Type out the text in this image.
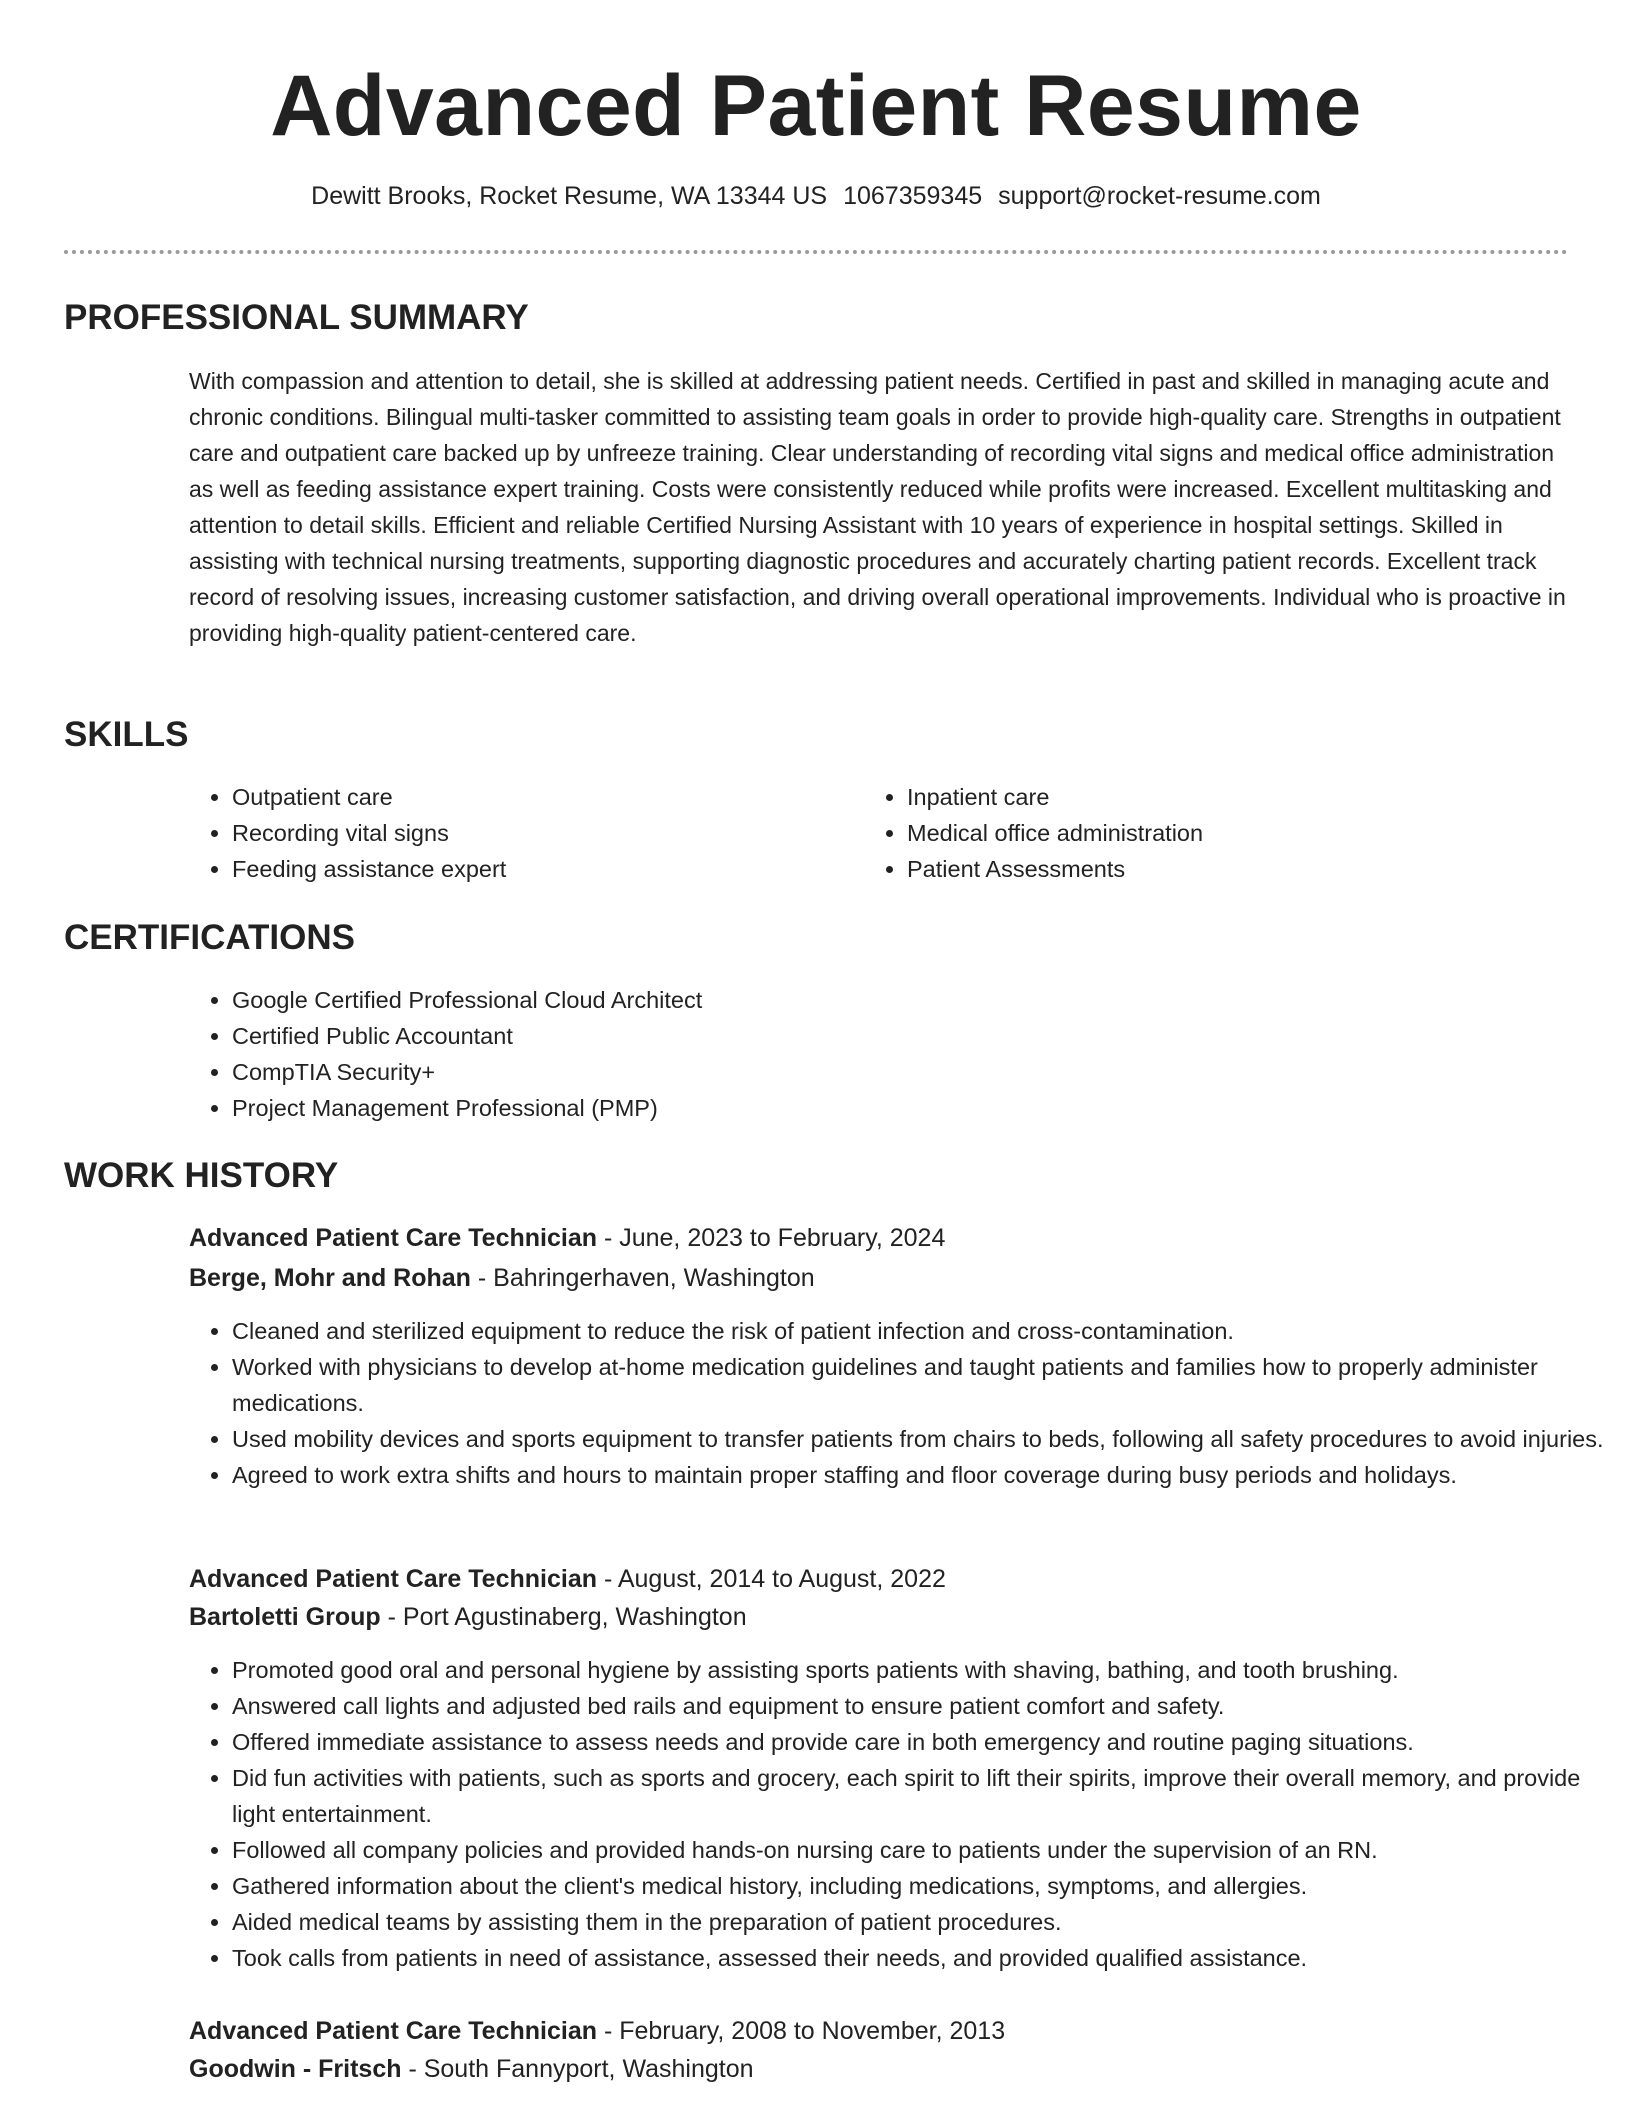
Advanced Patient Resume
Dewitt Brooks, Rocket Resume, WA 13344 US 1067359345 support@rocket-resume.com
PROFESSIONAL SUMMARY

With compassion and attention to detail, she is skilled at addressing patient needs. Certified in past and skilled in managing acute and chronic conditions. Bilingual multi-tasker committed to assisting team goals in order to provide high-quality care. Strengths in outpatient care and outpatient care backed up by unfreeze training. Clear understanding of recording vital signs and medical office administration as well as feeding assistance expert training. Costs were consistently reduced while profits were increased. Excellent multitasking and attention to detail skills. Efficient and reliable Certified Nursing Assistant with 10 years of experience in hospital settings. Skilled in assisting with technical nursing treatments, supporting diagnostic procedures and accurately charting patient records. Excellent track record of resolving issues, increasing customer satisfaction, and driving overall operational improvements. Individual who is proactive in providing high-quality patient-centered care.

SKILLS
• Outpatient care
• Recording vital signs
• Feeding assistance expert
• Inpatient care
• Medical office administration
• Patient Assessments
CERTIFICATIONS
• Google Certified Professional Cloud Architect
• Certified Public Accountant
• CompTIA Security+
• Project Management Professional (PMP)
WORK HISTORY

Advanced Patient Care Technician - June, 2023 to February, 2024

Berge, Mohr and Rohan - Bahringerhaven, Washington

• Cleaned and sterilized equipment to reduce the risk of patient infection and cross-contamination.
• Worked with physicians to develop at-home medication guidelines and taught patients and families how to properly administer medications.
• Used mobility devices and sports equipment to transfer patients from chairs to beds, following all safety procedures to avoid injuries.
• Agreed to work extra shifts and hours to maintain proper staffing and floor coverage during busy periods and holidays.

Advanced Patient Care Technician - August, 2014 to August, 2022

Bartoletti Group - Port Agustinaberg, Washington

• Promoted good oral and personal hygiene by assisting sports patients with shaving, bathing, and tooth brushing.
• Answered call lights and adjusted bed rails and equipment to ensure patient comfort and safety.
• Offered immediate assistance to assess needs and provide care in both emergency and routine paging situations.
• Did fun activities with patients, such as sports and grocery, each spirit to lift their spirits, improve their overall memory, and provide light entertainment.
• Followed all company policies and provided hands-on nursing care to patients under the supervision of an RN.
• Gathered information about the client's medical history, including medications, symptoms, and allergies.
• Aided medical teams by assisting them in the preparation of patient procedures.
• Took calls from patients in need of assistance, assessed their needs, and provided qualified assistance.

Advanced Patient Care Technician - February, 2008 to November, 2013

Goodwin - Fritsch - South Fannyport, Washington
